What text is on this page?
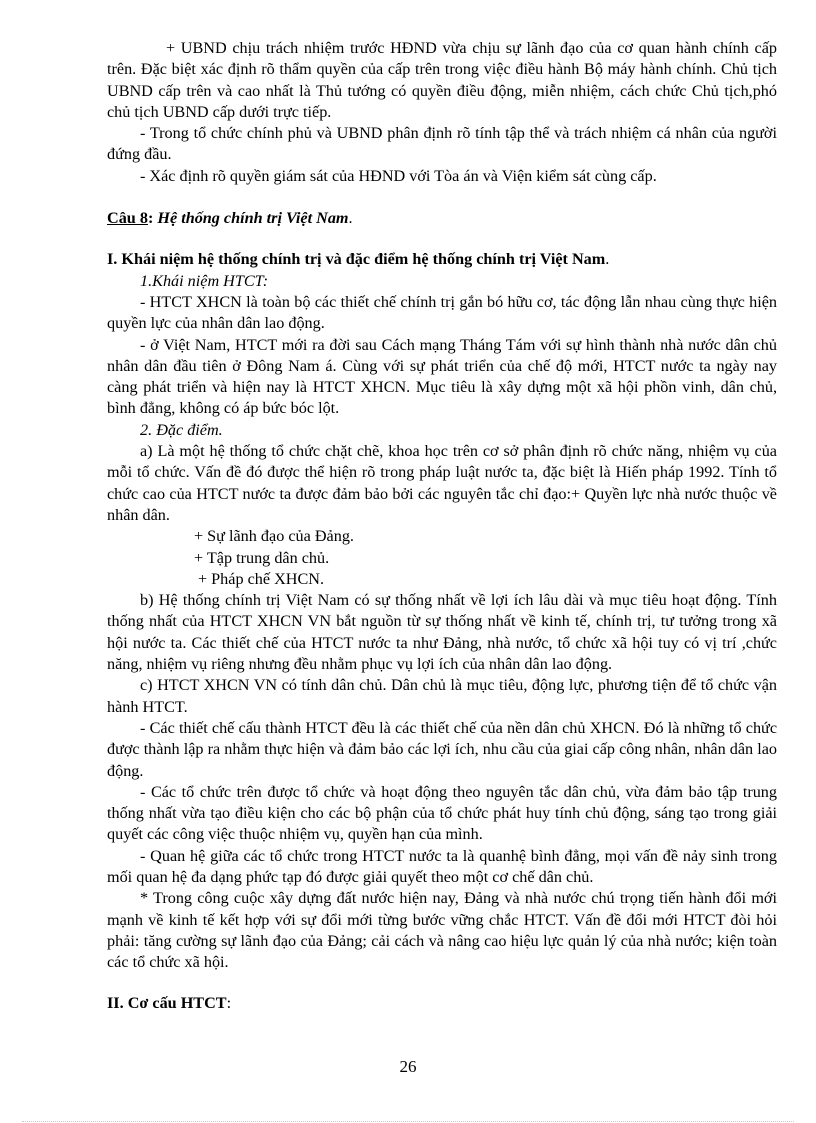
+ UBND chịu trách nhiệm trước HĐND vừa chịu sự lãnh đạo của cơ quan hành chính cấp trên. Đặc biệt xác định rõ thẩm quyền của cấp trên trong việc điều hành Bộ máy hành chính. Chủ tịch UBND cấp trên và cao nhất là Thủ tướng có quyền điều động, miễn nhiệm, cách chức Chủ tịch,phó chủ tịch UBND cấp dưới trực tiếp.

- Trong tổ chức chính phủ và UBND phân định rõ tính tập thể và trách nhiệm cá nhân của người đứng đầu.

- Xác định rõ quyền giám sát của HĐND với Tòa án và Viện kiểm sát cùng cấp.

Câu 8: Hệ thống chính trị Việt Nam.

I. Khái niệm hệ thống chính trị và đặc điểm hệ thống chính trị Việt Nam.

1.Khái niệm HTCT:

- HTCT XHCN là toàn bộ các thiết chế chính trị gắn bó hữu cơ, tác động lẫn nhau cùng thực hiện quyền lực của nhân dân lao động.

- ở Việt Nam, HTCT mới ra đời sau Cách mạng Tháng Tám với sự hình thành nhà nước dân chủ nhân dân đầu tiên ở Đông Nam á. Cùng với sự phát triển của chế độ mới, HTCT nước ta ngày nay càng phát triển và hiện nay là HTCT XHCN. Mục tiêu là xây dựng một xã hội phồn vinh, dân chủ, bình đẳng, không có áp bức bóc lột.

2. Đặc điểm.

a) Là một hệ thống tổ chức chặt chẽ, khoa học trên cơ sở phân định rõ chức năng, nhiệm vụ của mỗi tổ chức. Vấn đề đó được thể hiện rõ trong pháp luật nước ta, đặc biệt là Hiến pháp 1992. Tính tổ chức cao của HTCT nước ta được đảm bảo bởi các nguyên tắc chỉ đạo:+ Quyền lực nhà nước thuộc về nhân dân.

+ Sự lãnh đạo của Đảng.

+ Tập trung dân chủ.

+ Pháp chế XHCN.

b) Hệ thống chính trị Việt Nam có sự thống nhất về lợi ích lâu dài và mục tiêu hoạt động. Tính thống nhất của HTCT XHCN VN bắt nguồn từ sự thống nhất về kinh tế, chính trị, tư tưởng trong xã hội nước ta. Các thiết chế của HTCT nước ta như Đảng, nhà nước, tổ chức xã hội tuy có vị trí ,chức năng, nhiệm vụ riêng nhưng đều nhằm phục vụ lợi ích của nhân dân lao động.

c) HTCT XHCN VN có tính dân chủ. Dân chủ là mục tiêu, động lực, phương tiện để tổ chức vận hành HTCT.

- Các thiết chế cấu thành HTCT đều là các thiết chế của nền dân chủ XHCN. Đó là những tổ chức được thành lập ra nhằm thực hiện và đảm bảo các lợi ích, nhu cầu của giai cấp công nhân, nhân dân lao động.

- Các tổ chức trên được tổ chức và hoạt động theo nguyên tắc dân chủ, vừa đảm bảo tập trung thống nhất vừa tạo điều kiện cho các bộ phận của tổ chức phát huy tính chủ động, sáng tạo trong giải quyết các công việc thuộc nhiệm vụ, quyền hạn của mình.

- Quan hệ giữa các tổ chức trong HTCT nước ta là quanhệ bình đẳng, mọi vấn đề nảy sinh trong mối quan hệ đa dạng phức tạp đó được giải quyết theo một cơ chế dân chủ.

* Trong công cuộc xây dựng đất nước hiện nay, Đảng và nhà nước chú trọng tiến hành đổi mới mạnh về kinh tế kết hợp với sự đổi mới từng bước vững chắc HTCT. Vấn đề đổi mới HTCT đòi hỏi phải: tăng cường sự lãnh đạo của Đảng; cải cách và nâng cao hiệu lực quản lý của nhà nước; kiện toàn các tổ chức xã hội.

II. Cơ cấu HTCT:

26
